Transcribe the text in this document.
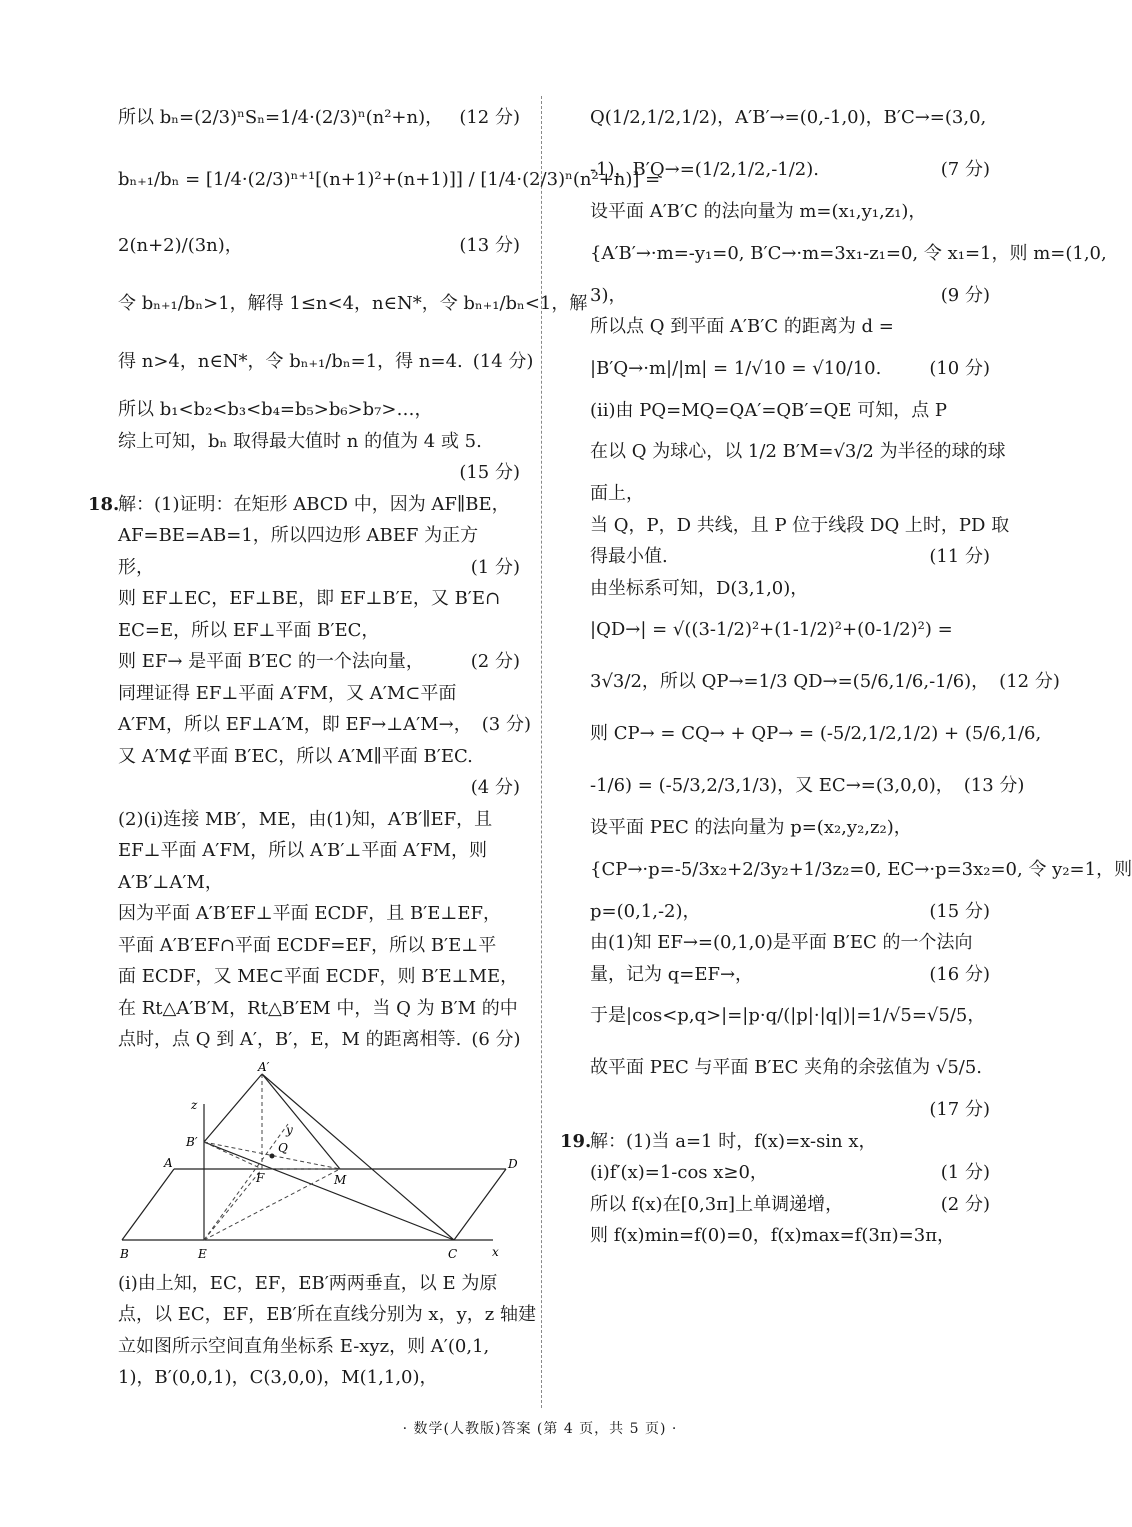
所以 bₙ=(2/3)ⁿSₙ=1/4·(2/3)ⁿ(n²+n)， (12 分)
bₙ₊₁/bₙ = [1/4·(2/3)ⁿ⁺¹[(n+1)²+(n+1)]] / [1/4·(2/3)ⁿ(n²+n)] =
2(n+2)/(3n)，	(13 分)
令 bₙ₊₁/bₙ>1，解得 1≤n<4，n∈N*，令 bₙ₊₁/bₙ<1，解
得 n>4，n∈N*，令 bₙ₊₁/bₙ=1，得 n=4. (14 分)
所以 b₁<b₂<b₃<b₄=b₅>b₆>b₇>…，
综上可知，bₙ 取得最大值时 n 的值为 4 或 5.
(15 分)
18.
解：(1)证明：在矩形 ABCD 中，因为 AF∥BE，
AF=BE=AB=1，所以四边形 ABEF 为正方
形，	(1 分)
则 EF⊥EC，EF⊥BE，即 EF⊥B′E，又 B′E∩
EC=E，所以 EF⊥平面 B′EC，
则 EF→ 是平面 B′EC 的一个法向量，	(2 分)
同理证得 EF⊥平面 A′FM，又 A′M⊂平面
A′FM，所以 EF⊥A′M，即 EF→⊥A′M→， (3 分)
又 A′M⊄平面 B′EC，所以 A′M∥平面 B′EC.
(4 分)
(2)(ⅰ)连接 MB′，ME，由(1)知，A′B′∥EF，且
EF⊥平面 A′FM，所以 A′B′⊥平面 A′FM，则
A′B′⊥A′M，
因为平面 A′B′EF⊥平面 ECDF，且 B′E⊥EF，
平面 A′B′EF∩平面 ECDF=EF，所以 B′E⊥平
面 ECDF，又 ME⊂平面 ECDF，则 B′E⊥ME，
在 Rt△A′B′M，Rt△B′EM 中，当 Q 为 B′M 的中
点时，点 Q 到 A′，B′，E，M 的距离相等. (6 分)
A′
z
B′
y
Q
A
F	M
D
B	E	C	x
(ⅰ)由上知，EC，EF，EB′两两垂直，以 E 为原
点，以 EC，EF，EB′所在直线分别为 x，y，z 轴建
立如图所示空间直角坐标系 E-xyz，则 A′(0,1,
1)，B′(0,0,1)，C(3,0,0)，M(1,1,0)，
Q(1/2,1/2,1/2)，A′B′→=(0,-1,0)，B′C→=(3,0,
-1)，B′Q→=(1/2,1/2,-1/2).	(7 分)
设平面 A′B′C 的法向量为 m=(x₁,y₁,z₁)，
{A′B′→·m=-y₁=0, B′C→·m=3x₁-z₁=0, 令 x₁=1，则 m=(1,0,
3)，	(9 分)
所以点 Q 到平面 A′B′C 的距离为 d =
|B′Q→·m|/|m| = 1/√10 = √10/10.	(10 分)
(ⅱ)由 PQ=MQ=QA′=QB′=QE 可知，点 P
在以 Q 为球心，以 1/2 B′M=√3/2 为半径的球的球
面上，
当 Q，P，D 共线，且 P 位于线段 DQ 上时，PD 取
得最小值.	(11 分)
由坐标系可知，D(3,1,0)，
|QD→| = √((3-1/2)²+(1-1/2)²+(0-1/2)²) =
3√3/2，所以 QP→=1/3 QD→=(5/6,1/6,-1/6)， (12 分)
则 CP→ = CQ→ + QP→ = (-5/2,1/2,1/2) + (5/6,1/6,
-1/6) = (-5/3,2/3,1/3)，又 EC→=(3,0,0)， (13 分)
设平面 PEC 的法向量为 p=(x₂,y₂,z₂)，
{CP→·p=-5/3x₂+2/3y₂+1/3z₂=0, EC→·p=3x₂=0, 令 y₂=1，则
p=(0,1,-2)，	(15 分)
由(1)知 EF→=(0,1,0)是平面 B′EC 的一个法向
量，记为 q=EF→，	(16 分)
于是|cos<p,q>|=|p·q/(|p|·|q|)|=1/√5=√5/5，
故平面 PEC 与平面 B′EC 夹角的余弦值为 √5/5.
(17 分)
19.
解：(1)当 a=1 时，f(x)=x-sin x，
(ⅰ)f′(x)=1-cos x≥0，	(1 分)
所以 f(x)在[0,3π]上单调递增，	(2 分)
则 f(x)min=f(0)=0，f(x)max=f(3π)=3π，
· 数学(人教版)答案 (第 4 页，共 5 页) ·
